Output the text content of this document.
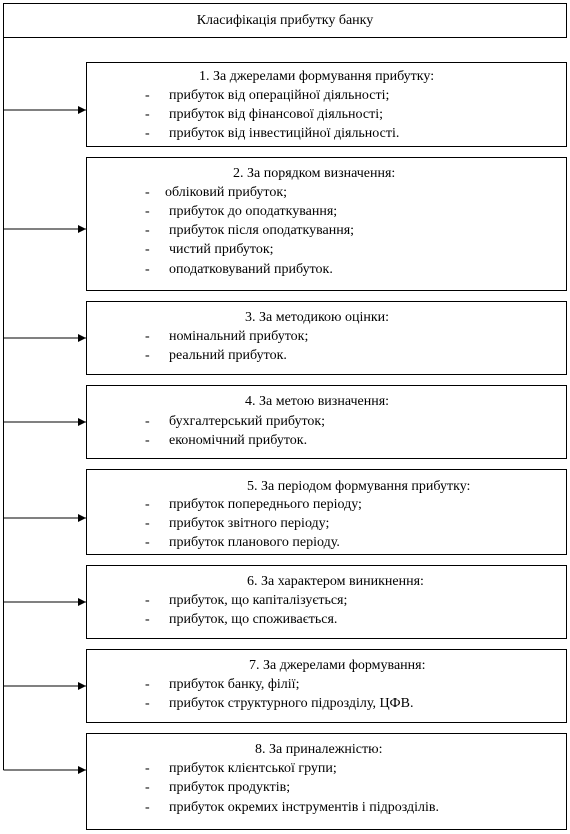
Класифікація прибутку банку
1. За джерелами формування прибутку:
- прибуток від операційної діяльності;
- прибуток від фінансової діяльності;
- прибуток від інвестиційної діяльності.
2. За порядком визначення:
- обліковий прибуток;
- прибуток до оподаткування;
- прибуток після оподаткування;
- чистий прибуток;
- оподатковуваний прибуток.
3. За методикою оцінки:
- номінальний прибуток;
- реальний прибуток.
4. За метою визначення:
- бухгалтерський прибуток;
- економічний прибуток.
5. За періодом формування прибутку:
- прибуток попереднього періоду;
- прибуток звітного періоду;
- прибуток планового періоду.
6. За характером виникнення:
- прибуток, що капіталізується;
- прибуток, що споживається.
7. За джерелами формування:
- прибуток банку, філії;
- прибуток структурного підрозділу, ЦФВ.
8. За приналежністю:
- прибуток клієнтської групи;
- прибуток продуктів;
- прибуток окремих інструментів і підрозділів.
